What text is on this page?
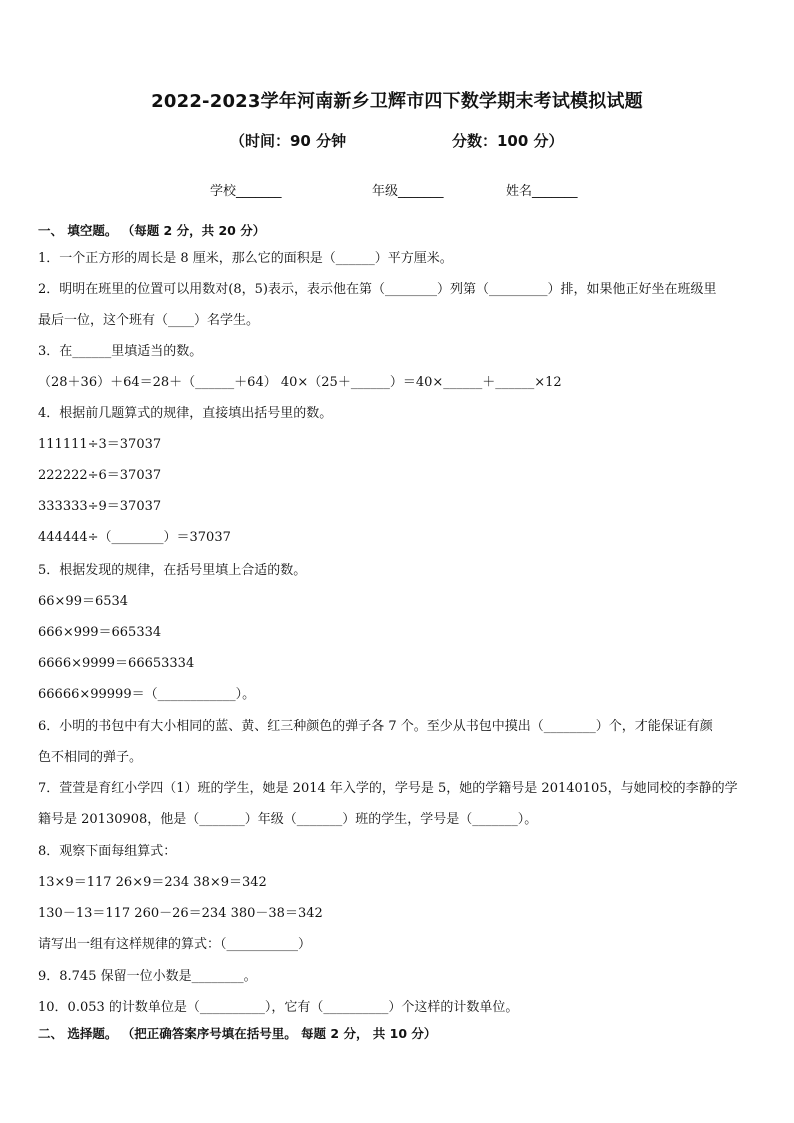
2022-2023学年河南新乡卫辉市四下数学期末考试模拟试题
（时间：90 分钟	分数：100 分）
学校_______	年级_______	姓名_______
一、 填空题。 （每题 2 分，共 20 分）
1．一个正方形的周长是 8 厘米，那么它的面积是（______）平方厘米。
2．明明在班里的位置可以用数对(8，5)表示，表示他在第（________）列第（_________）排，如果他正好坐在班级里
最后一位，这个班有（____）名学生。
3．在______里填适当的数。
（28＋36）＋64＝28＋（______＋64） 40×（25＋______）＝40×______＋______×12
4．根据前几题算式的规律，直接填出括号里的数。
111111÷3＝37037
222222÷6＝37037
333333÷9＝37037
444444÷（________）＝37037
5．根据发现的规律，在括号里填上合适的数。
66×99＝6534
666×999＝665334
6666×9999＝66653334
66666×99999＝（____________）。
6．小明的书包中有大小相同的蓝、黄、红三种颜色的弹子各 7 个。至少从书包中摸出（________）个，才能保证有颜
色不相同的弹子。
7．萱萱是育红小学四（1）班的学生，她是 2014 年入学的，学号是 5，她的学籍号是 20140105，与她同校的李静的学
籍号是 20130908，他是（_______）年级（_______）班的学生，学号是（_______）。
8．观察下面每组算式：
13×9＝117 26×9＝234 38×9＝342
130－13＝117 260－26＝234 380－38＝342
请写出一组有这样规律的算式：（___________）
9．8.745 保留一位小数是________。
10．0.053 的计数单位是（__________），它有（__________）个这样的计数单位。
二、 选择题。 （把正确答案序号填在括号里。 每题 2 分， 共 10 分）
